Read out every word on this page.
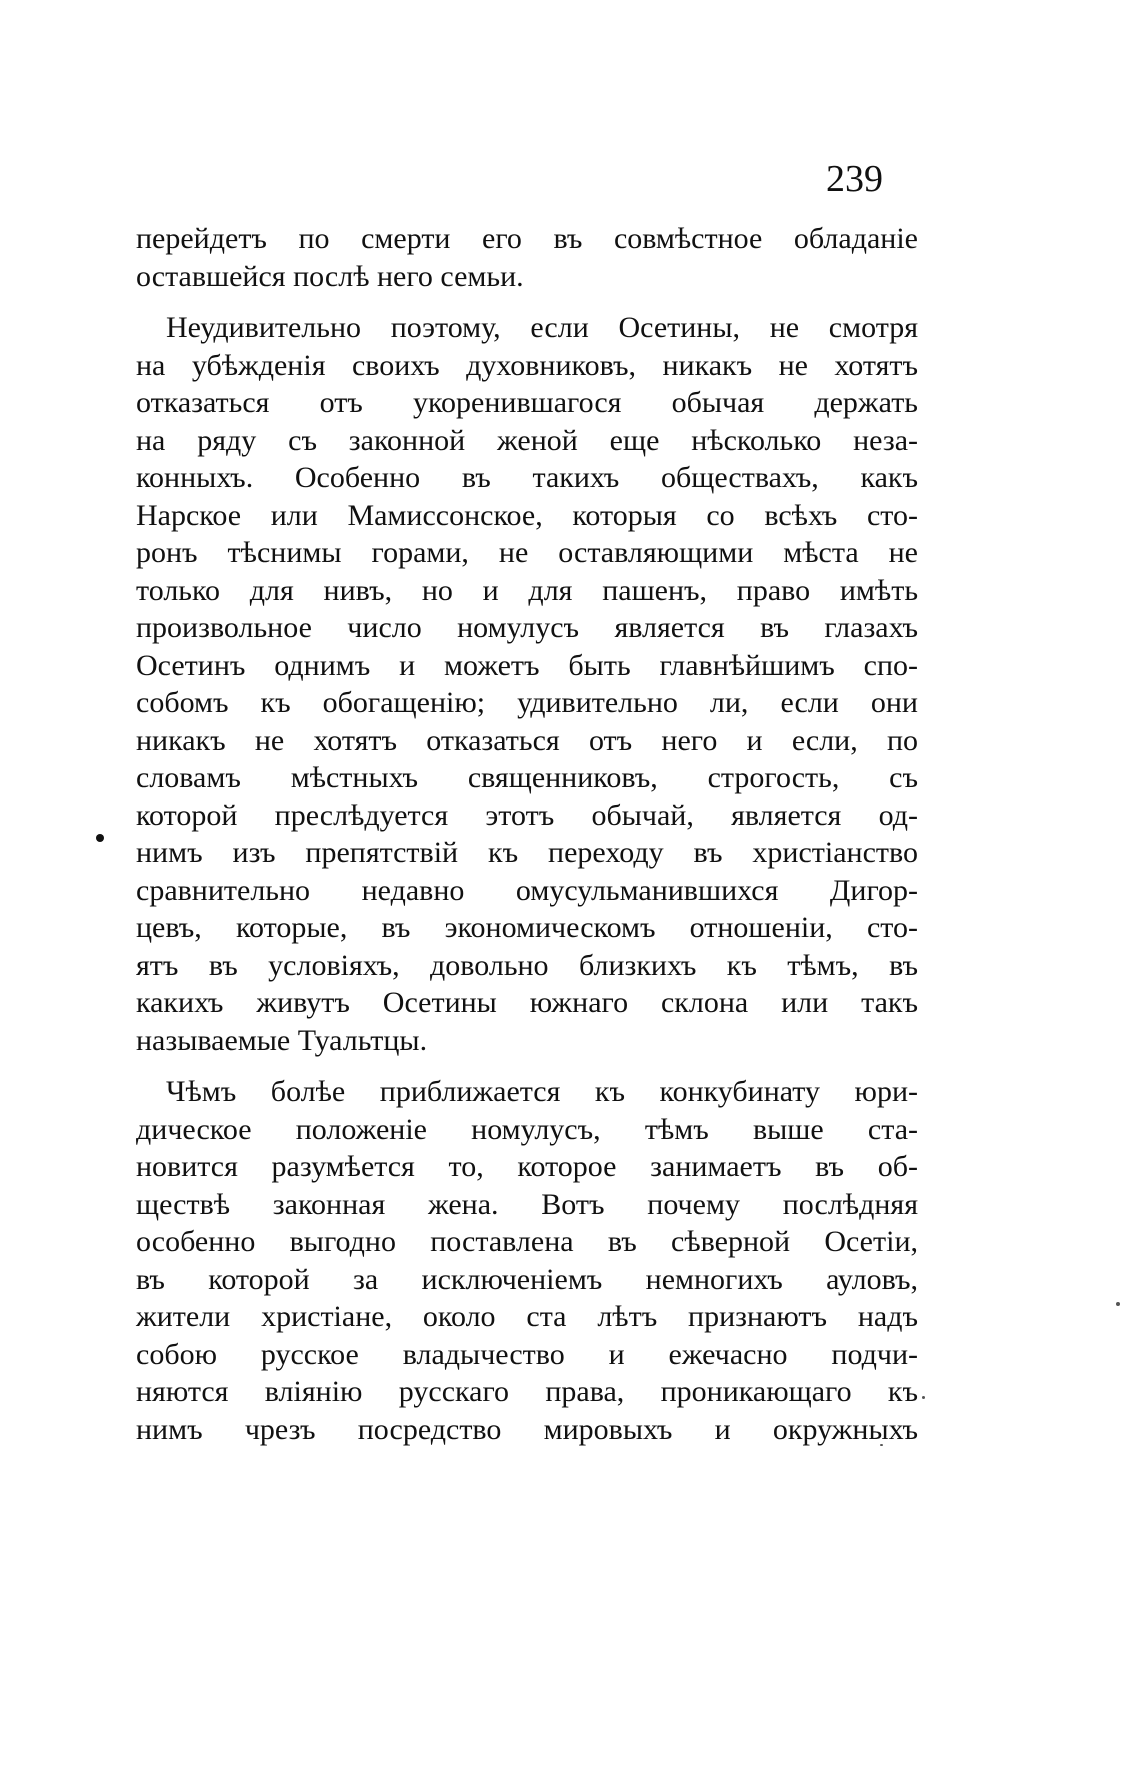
239
перейдетъ по смерти его въ совмѣстное обладаніе
оставшейся послѣ него семьи.
Неудивительно поэтому, если Осетины, не смотря
на убѣжденія своихъ духовниковъ, никакъ не хотятъ
отказаться отъ укоренившагося обычая держать
на ряду съ законной женой еще нѣсколько неза-
конныхъ. Особенно въ такихъ обществахъ, какъ
Нарское или Мамиссонское, которыя со всѣхъ сто-
ронъ тѣснимы горами, не оставляющими мѣста не
только для нивъ, но и для пашенъ, право имѣть
произвольное число номулусъ является въ глазахъ
Осетинъ однимъ и можетъ быть главнѣйшимъ спо-
собомъ къ обогащенію; удивительно ли, если они
никакъ не хотятъ отказаться отъ него и если, по
словамъ мѣстныхъ священниковъ, строгость, съ
которой преслѣдуется этотъ обычай, является од-
нимъ изъ препятствій къ переходу въ христіанство
сравнительно недавно омусульманившихся Дигор-
цевъ, которые, въ экономическомъ отношеніи, сто-
ятъ въ условіяхъ, довольно близкихъ къ тѣмъ, въ
какихъ живутъ Осетины южнаго склона или такъ
называемые Туальтцы.
Чѣмъ болѣе приближается къ конкубинату юри-
дическое положеніе номулусъ, тѣмъ выше ста-
новится разумѣется то, которое занимаетъ въ об-
ществѣ законная жена. Вотъ почему послѣдняя
особенно выгодно поставлена въ сѣверной Осетіи,
въ которой за исключеніемъ немногихъ ауловъ,
жители христіане, около ста лѣтъ признаютъ надъ
собою русское владычество и ежечасно подчи-
няются вліянію русскаго права, проникающаго къ
нимъ чрезъ посредство мировыхъ и окружныхъ
